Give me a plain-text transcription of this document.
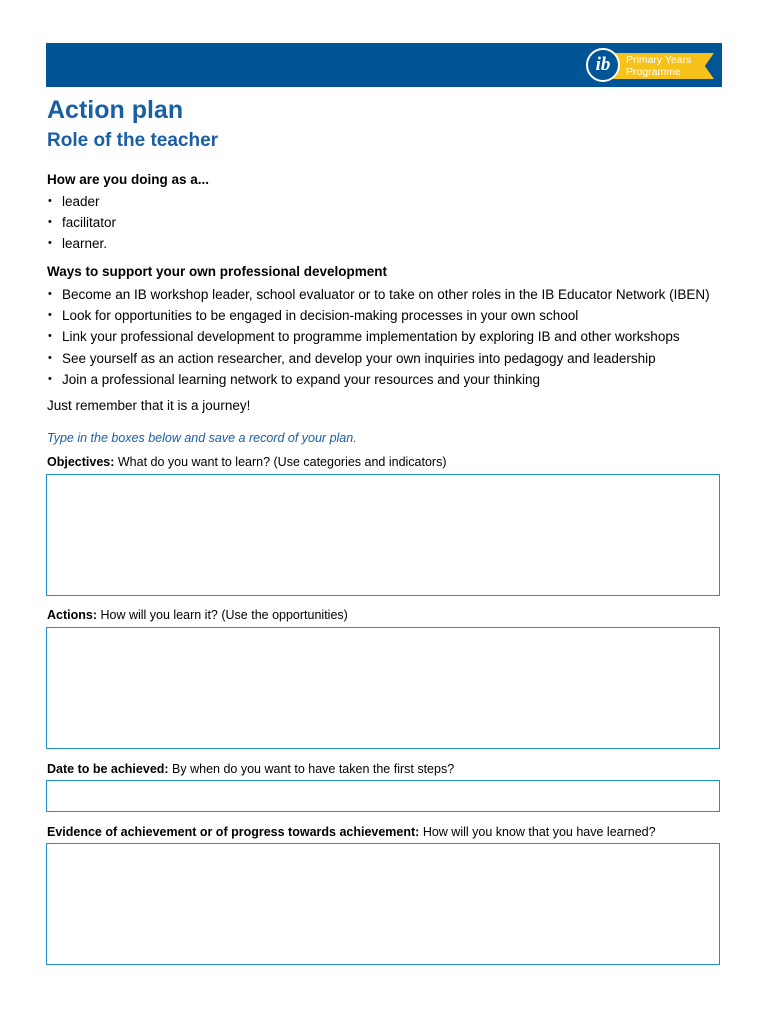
ib Primary Years
Programme
Action plan
Role of the teacher

How are you doing as a...

• leader
• facilitator
• learner.

Ways to support your own professional development

• Become an IB workshop leader, school evaluator or to take on other roles in the IB Educator Network (IBEN)
• Look for opportunities to be engaged in decision-making processes in your own school
• Link your professional development to programme implementation by exploring IB and other workshops
• See yourself as an action researcher, and develop your own inquiries into pedagogy and leadership
• Join a professional learning network to expand your resources and your thinking

Just remember that it is a journey!

Type in the boxes below and save a record of your plan.

Objectives: What do you want to learn? (Use categories and indicators)

Actions: How will you learn it? (Use the opportunities)

Date to be achieved: By when do you want to have taken the first steps?

Evidence of achievement or of progress towards achievement: How will you know that you have learned?
